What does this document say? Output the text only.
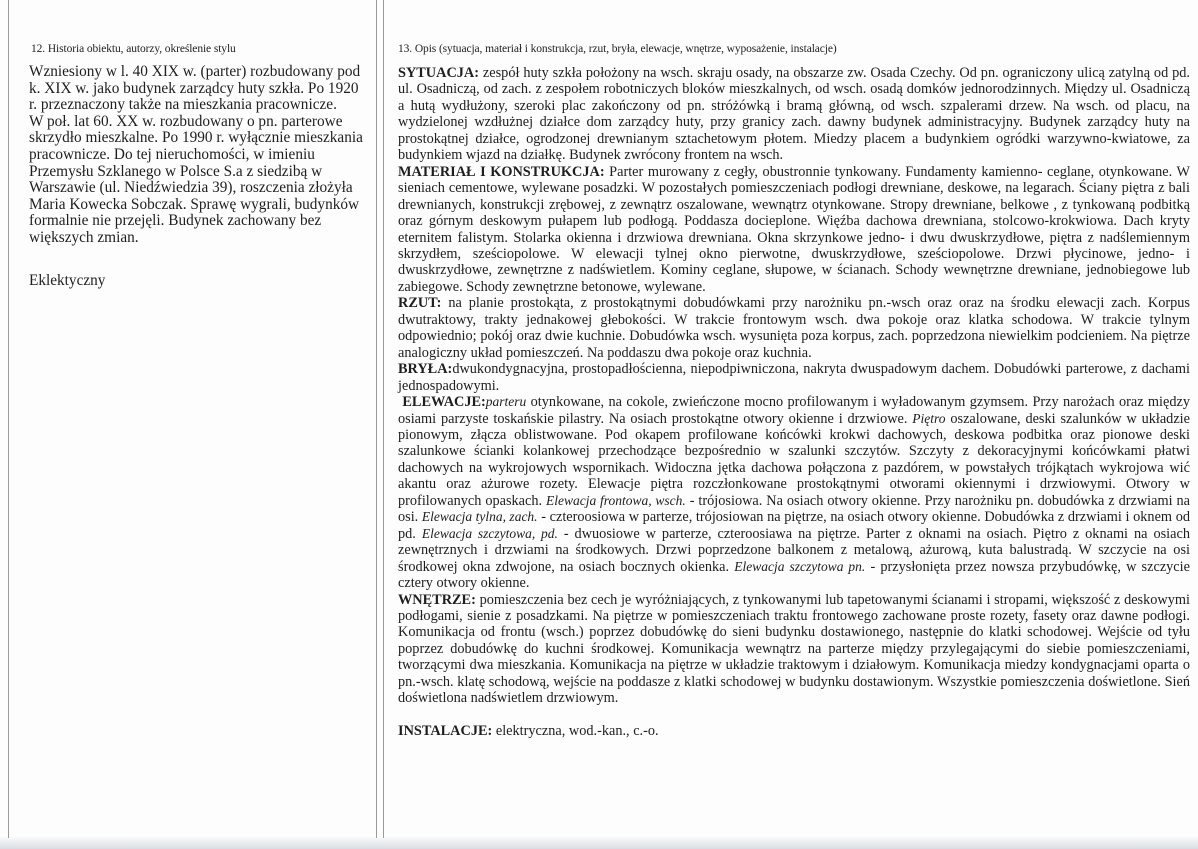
12. Historia obiektu, autorzy, określenie stylu

Wzniesiony w l. 40 XIX w. (parter) rozbudowany pod k. XIX w. jako budynek zarządcy huty szkła. Po 1920 r. przeznaczony także na mieszkania pracownicze.

W poł. lat 60. XX w. rozbudowany o pn. parterowe skrzydło mieszkalne. Po 1990 r. wyłącznie mieszkania pracownicze. Do tej nieruchomości, w imieniu Przemysłu Szklanego w Polsce S.a z siedzibą w Warszawie (ul. Niedźwiedzia 39), roszczenia złożyła Maria Kowecka Sobczak. Sprawę wygrali, budynków formalnie nie przejęli. Budynek zachowany bez większych zmian.

Eklektyczny
13. Opis (sytuacja, materiał i konstrukcja, rzut, bryła, elewacje, wnętrze, wyposażenie, instalacje)

SYTUACJA: zespół huty szkła położony na wsch. skraju osady, na obszarze zw. Osada Czechy. Od pn. ograniczony ulicą zatylną od pd. ul. Osadniczą, od zach. z zespołem robotniczych bloków mieszkalnych, od wsch. osadą domków jednorodzinnych. Między ul. Osadniczą a hutą wydłużony, szeroki plac zakończony od pn. stróżówką i bramą główną, od wsch. szpalerami drzew. Na wsch. od placu, na wydzielonej wzdłużnej działce dom zarządcy huty, przy granicy zach. dawny budynek administracyjny. Budynek zarządcy huty na prostokątnej działce, ogrodzonej drewnianym sztachetowym płotem. Miedzy placem a budynkiem ogródki warzywno-kwiatowe, za budynkiem wjazd na działkę. Budynek zwrócony frontem na wsch.

MATERIAŁ I KONSTRUKCJA: Parter murowany z cegły, obustronnie tynkowany. Fundamenty kamienno- ceglane, otynkowane. W sieniach cementowe, wylewane posadzki. W pozostałych pomieszczeniach podłogi drewniane, deskowe, na legarach. Ściany piętra z bali drewnianych, konstrukcji zrębowej, z zewnątrz oszalowane, wewnątrz otynkowane. Stropy drewniane, belkowe , z tynkowaną podbitką oraz górnym deskowym pułapem lub podłogą. Poddasza docieplone. Więźba dachowa drewniana, stolcowo-krokwiowa. Dach kryty eternitem falistym. Stolarka okienna i drzwiowa drewniana. Okna skrzynkowe jedno- i dwu dwuskrzydłowe, piętra z nadślemiennym skrzydłem, sześciopolowe. W elewacji tylnej okno pierwotne, dwuskrzydłowe, sześciopolowe. Drzwi płycinowe, jedno- i dwuskrzydłowe, zewnętrzne z nadświetlem. Kominy ceglane, słupowe, w ścianach. Schody wewnętrzne drewniane, jednobiegowe lub zabiegowe. Schody zewnętrzne betonowe, wylewane.

RZUT: na planie prostokąta, z prostokątnymi dobudówkami przy narożniku pn.-wsch oraz oraz na środku elewacji zach. Korpus dwutraktowy, trakty jednakowej głebokości. W trakcie frontowym wsch. dwa pokoje oraz klatka schodowa. W trakcie tylnym odpowiednio; pokój oraz dwie kuchnie. Dobudówka wsch. wysunięta poza korpus, zach. poprzedzona niewielkim podcieniem. Na piętrze analogiczny układ pomieszczeń. Na poddaszu dwa pokoje oraz kuchnia.

BRYŁA:dwukondygnacyjna, prostopadłościenna, niepodpiwniczona, nakryta dwuspadowym dachem. Dobudówki parterowe, z dachami jednospadowymi.

ELEWACJE:parteru otynkowane, na cokole, zwieńczone mocno profilowanym i wyładowanym gzymsem. Przy narożach oraz między osiami parzyste toskańskie pilastry. Na osiach prostokątne otwory okienne i drzwiowe. Piętro oszalowane, deski szalunków w układzie pionowym, złącza oblistwowane. Pod okapem profilowane końcówki krokwi dachowych, deskowa podbitka oraz pionowe deski szalunkowe ścianki kolankowej przechodzące bezpośrednio w szalunki szczytów. Szczyty z dekoracyjnymi końcówkami płatwi dachowych na wykrojowych wspornikach. Widoczna jętka dachowa połączona z pazdórem, w powstałych trójkątach wykrojowa wić akantu oraz ażurowe rozety. Elewacje piętra rozczłonkowane prostokątnymi otworami okiennymi i drzwiowymi. Otwory w profilowanych opaskach. Elewacja frontowa, wsch. - trójosiowa. Na osiach otwory okienne. Przy narożniku pn. dobudówka z drzwiami na osi. Elewacja tylna, zach. - czteroosiowa w parterze, trójosiowan na piętrze, na osiach otwory okienne. Dobudówka z drzwiami i oknem od pd. Elewacja szczytowa, pd. - dwuosiowe w parterze, czteroosiawa na piętrze. Parter z oknami na osiach. Piętro z oknami na osiach zewnętrznych i drzwiami na środkowych. Drzwi poprzedzone balkonem z metalową, ażurową, kuta balustradą. W szczycie na osi środkowej okna zdwojone, na osiach bocznych okienka. Elewacja szczytowa pn. - przysłonięta przez nowsza przybudówkę, w szczycie cztery otwory okienne.

WNĘTRZE: pomieszczenia bez cech je wyróżniających, z tynkowanymi lub tapetowanymi ścianami i stropami, większość z deskowymi podłogami, sienie z posadzkami. Na piętrze w pomieszczeniach traktu frontowego zachowane proste rozety, fasety oraz dawne podłogi. Komunikacja od frontu (wsch.) poprzez dobudówkę do sieni budynku dostawionego, następnie do klatki schodowej. Wejście od tyłu poprzez dobudówkę do kuchni środkowej. Komunikacja wewnątrz na parterze między przylegającymi do siebie pomieszczeniami, tworzącymi dwa mieszkania. Komunikacja na piętrze w układzie traktowym i działowym. Komunikacja miedzy kondygnacjami oparta o pn.-wsch. klatę schodową, wejście na poddasze z klatki schodowej w budynku dostawionym. Wszystkie pomieszczenia doświetlone. Sień doświetlona nadświetlem drzwiowym.

INSTALACJE: elektryczna, wod.-kan., c.-o.
